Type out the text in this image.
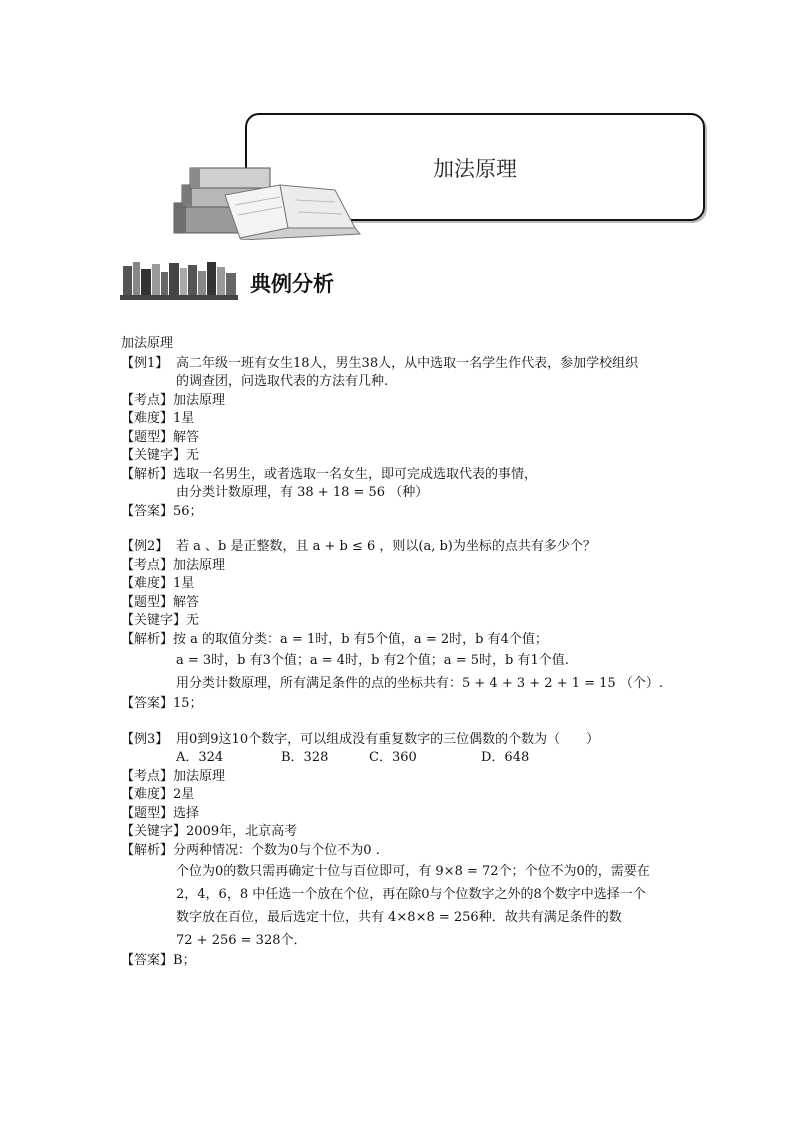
加法原理
典例分析
加法原理
【例1】 高二年级一班有女生18人，男生38人，从中选取一名学生作代表，参加学校组织
的调查团，问选取代表的方法有几种.
【考点】 加法原理
【难度】 1星
【题型】 解答
【关键字】 无
【解析】 选取一名男生，或者选取一名女生，即可完成选取代表的事情，
由分类计数原理，有 38 + 18 = 56 （种）
【答案】 56；
【例2】 若 a 、b 是正整数，且 a + b ≤ 6 ，则以(a, b)为坐标的点共有多少个？
【考点】 加法原理
【难度】 1星
【题型】 解答
【关键字】 无
【解析】 按 a 的取值分类：a = 1时，b 有5个值，a = 2时，b 有4个值；
a = 3时，b 有3个值；a = 4时，b 有2个值；a = 5时，b 有1个值.
用分类计数原理，所有满足条件的点的坐标共有：5 + 4 + 3 + 2 + 1 = 15 （个）.
【答案】 15；
【例3】 用0到9这10个数字，可以组成没有重复数字的三位偶数的个数为（　　）
A．324	B．328	C．360	D．648
【考点】 加法原理
【难度】 2星
【题型】 选择
【关键字】 2009年，北京高考
【解析】 分两种情况：个数为0与个位不为0 .
个位为0的数只需再确定十位与百位即可，有 9×8 = 72个；个位不为0的，需要在
2，4，6，8 中任选一个放在个位，再在除0与个位数字之外的8个数字中选择一个
数字放在百位，最后选定十位，共有 4×8×8 = 256种．故共有满足条件的数
72 + 256 = 328个．
【答案】 B；
